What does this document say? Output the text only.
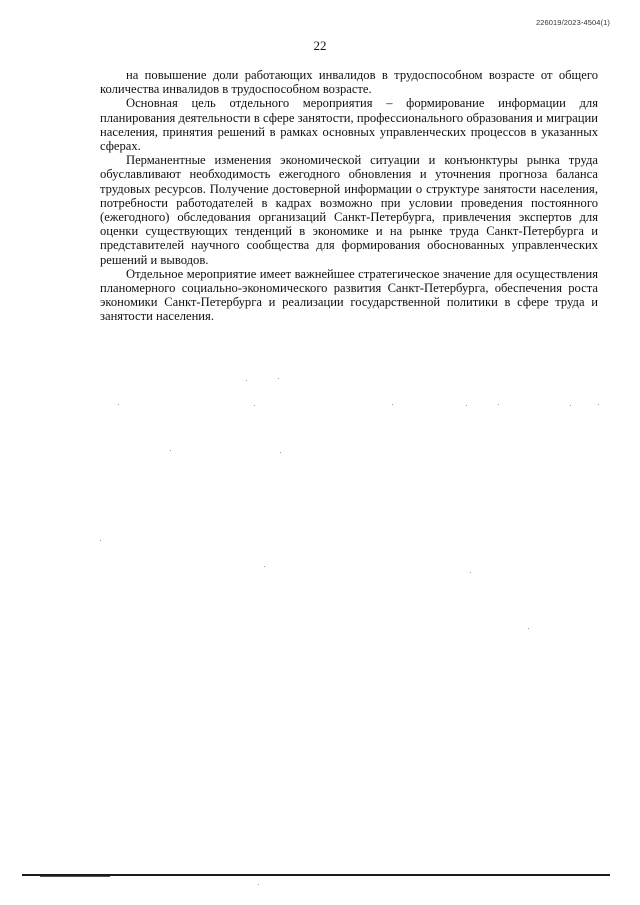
226019/2023-4504(1)
22

на повышение доли работающих инвалидов в трудоспособном возрасте от общего количества инвалидов в трудоспособном возрасте.

Основная цель отдельного мероприятия – формирование информации для планирования деятельности в сфере занятости, профессионального образования и миграции населения, принятия решений в рамках основных управленческих процессов в указанных сферах.

Перманентные изменения экономической ситуации и конъюнктуры рынка труда обуславливают необходимость ежегодного обновления и уточнения прогноза баланса трудовых ресурсов. Получение достоверной информации о структуре занятости населения, потребности работодателей в кадрах возможно при условии проведения постоянного (ежегодного) обследования организаций Санкт-Петербурга, привлечения экспертов для оценки существующих тенденций в экономике и на рынке труда Санкт-Петербурга и представителей научного сообщества для формирования обоснованных управленческих решений и выводов.

Отдельное мероприятие имеет важнейшее стратегическое значение для осуществления планомерного социально-экономического развития Санкт-Петербурга, обеспечения роста экономики Санкт-Петербурга и реализации государственной политики в сфере труда и занятости населения.
